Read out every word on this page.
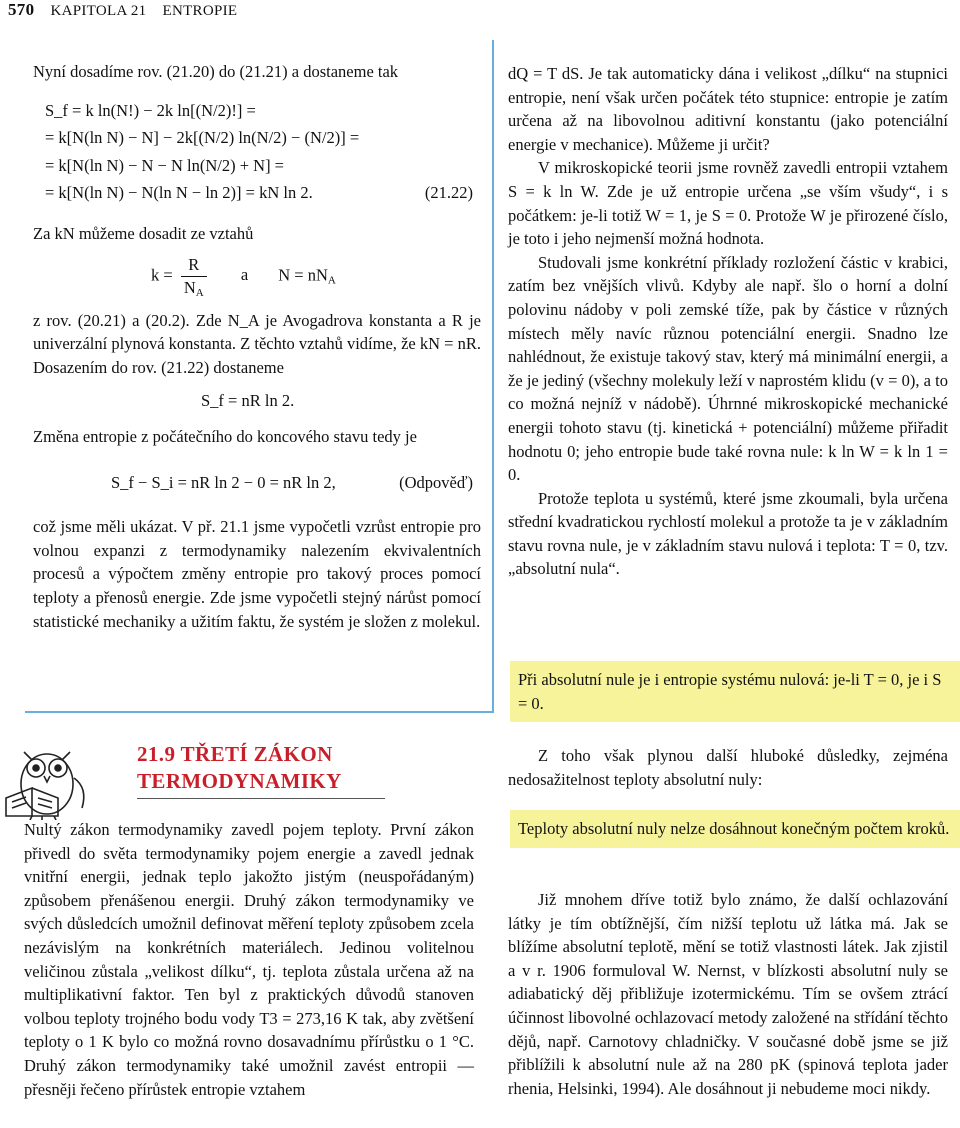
570 KAPITOLA 21 ENTROPIE

Nyní dosadíme rov. (21.20) do (21.21) a dostaneme tak

S_f = k ln(N!) − 2k ln[(N/2)!] =
= k[N(ln N) − N] − 2k[(N/2) ln(N/2) − (N/2)] =
= k[N(ln N) − N − N ln(N/2) + N] =
= k[N(ln N) − N(ln N − ln 2)] = kN ln 2.	(21.22)

Za kN můžeme dosadit ze vztahů

$k = \frac{R}{N_A}$ a $N = nN_A$

z rov. (20.21) a (20.2). Zde N_A je Avogadrova konstanta a R je univerzální plynová konstanta. Z těchto vztahů vidíme, že kN = nR. Dosazením do rov. (21.22) dostaneme

S_f = nR ln 2.

Změna entropie z počátečního do koncového stavu tedy je

S_f − S_i = nR ln 2 − 0 = nR ln 2,	(Odpověď)

což jsme měli ukázat. V př. 21.1 jsme vypočetli vzrůst entropie pro volnou expanzi z termodynamiky nalezením ekvivalentních procesů a výpočtem změny entropie pro takový proces pomocí teploty a přenosů energie. Zde jsme vypočetli stejný nárůst pomocí statistické mechaniky a užitím faktu, že systém je složen z molekul.

dQ = T dS. Je tak automaticky dána i velikost „dílku“ na stupnici entropie, není však určen počátek této stupnice: entropie je zatím určena až na libovolnou aditivní konstantu (jako potenciální energie v mechanice). Můžeme ji určit?

V mikroskopické teorii jsme rovněž zavedli entropii vztahem S = k ln W. Zde je už entropie určena „se vším všudy“, i s počátkem: je-li totiž W = 1, je S = 0. Protože W je přirozené číslo, je toto i jeho nejmenší možná hodnota.

Studovali jsme konkrétní příklady rozložení částic v krabici, zatím bez vnějších vlivů. Kdyby ale např. šlo o horní a dolní polovinu nádoby v poli zemské tíže, pak by částice v různých místech měly navíc různou potenciální energii. Snadno lze nahlédnout, že existuje takový stav, který má minimální energii, a že je jediný (všechny molekuly leží v naprostém klidu (v = 0), a to co možná nejníž v nádobě). Úhrnné mikroskopické mechanické energii tohoto stavu (tj. kinetická + potenciální) můžeme přiřadit hodnotu 0; jeho entropie bude také rovna nule: k ln W = k ln 1 = 0.

Protože teplota u systémů, které jsme zkoumali, byla určena střední kvadratickou rychlostí molekul a protože ta je v základním stavu rovna nule, je v základním stavu nulová i teplota: T = 0, tzv. „absolutní nula“.

Při absolutní nule je i entropie systému nulová: je-li T = 0, je i S = 0.
21.9 TŘETÍ ZÁKON TERMODYNAMIKY

Nultý zákon termodynamiky zavedl pojem teploty. První zákon přivedl do světa termodynamiky pojem energie a zavedl jednak vnitřní energii, jednak teplo jakožto jistým (neuspořádaným) způsobem přenášenou energii. Druhý zákon termodynamiky ve svých důsledcích umožnil definovat měření teploty způsobem zcela nezávislým na konkrétních materiálech. Jedinou volitelnou veličinou zůstala „velikost dílku“, tj. teplota zůstala určena až na multiplikativní faktor. Ten byl z praktických důvodů stanoven volbou teploty trojného bodu vody T3 = 273,16 K tak, aby zvětšení teploty o 1 K bylo co možná rovno dosavadnímu přírůstku o 1 °C. Druhý zákon termodynamiky také umožnil zavést entropii — přesněji řečeno přírůstek entropie vztahem

Z toho však plynou další hluboké důsledky, zejména nedosažitelnost teploty absolutní nuly:

Teploty absolutní nuly nelze dosáhnout konečným počtem kroků.

Již mnohem dříve totiž bylo známo, že další ochlazování látky je tím obtížnější, čím nižší teplotu už látka má. Jak se blížíme absolutní teplotě, mění se totiž vlastnosti látek. Jak zjistil a v r. 1906 formuloval W. Nernst, v blízkosti absolutní nuly se adiabatický děj přibližuje izotermickému. Tím se ovšem ztrácí účinnost libovolné ochlazovací metody založené na střídání těchto dějů, např. Carnotovy chladničky. V současné době jsme se již přiblížili k absolutní nule až na 280 pK (spinová teplota jader rhenia, Helsinki, 1994). Ale dosáhnout ji nebudeme moci nikdy.
